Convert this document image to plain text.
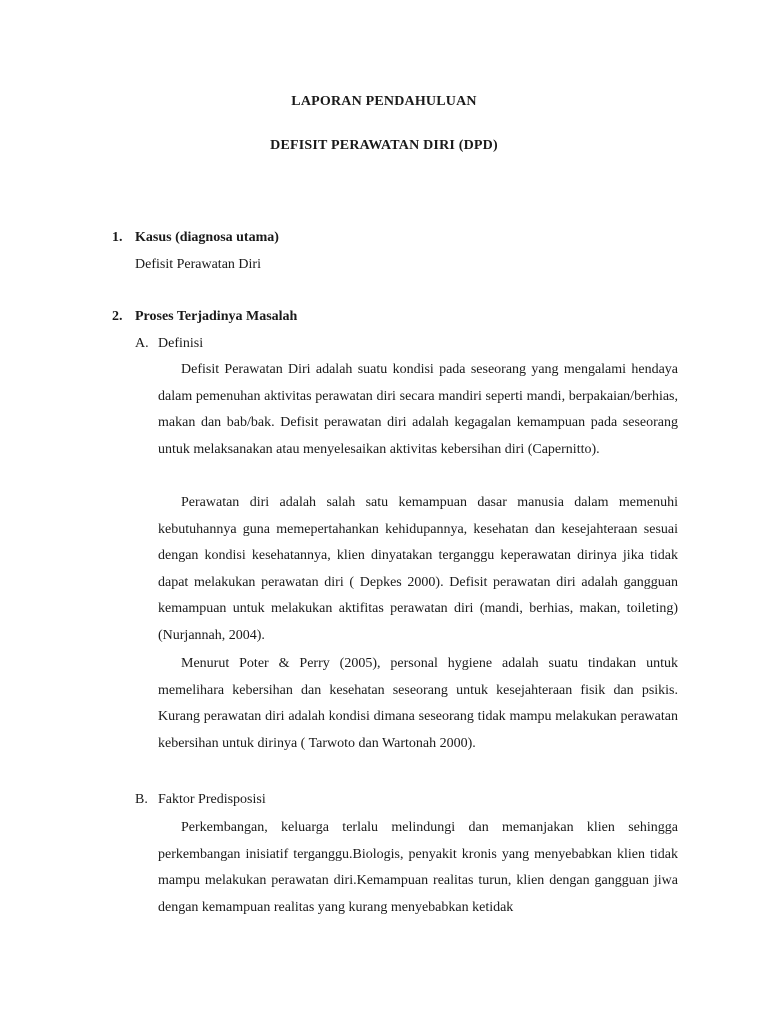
LAPORAN PENDAHULUAN
DEFISIT PERAWATAN DIRI (DPD)
1. Kasus (diagnosa utama)
Defisit Perawatan Diri
2. Proses Terjadinya Masalah
A. Definisi

Defisit Perawatan Diri adalah suatu kondisi pada seseorang yang mengalami hendaya dalam pemenuhan aktivitas perawatan diri secara mandiri seperti mandi, berpakaian/berhias, makan dan bab/bak. Defisit perawatan diri adalah kegagalan kemampuan pada seseorang untuk melaksanakan atau menyelesaikan aktivitas kebersihan diri (Capernitto).

Perawatan diri adalah salah satu kemampuan dasar manusia dalam memenuhi kebutuhannya guna memepertahankan kehidupannya, kesehatan dan kesejahteraan sesuai dengan kondisi kesehatannya, klien dinyatakan terganggu keperawatan dirinya jika tidak dapat melakukan perawatan diri ( Depkes 2000). Defisit perawatan diri adalah gangguan kemampuan untuk melakukan aktifitas perawatan diri (mandi, berhias, makan, toileting) (Nurjannah, 2004).

Menurut Poter & Perry (2005), personal hygiene adalah suatu tindakan untuk memelihara kebersihan dan kesehatan seseorang untuk kesejahteraan fisik dan psikis. Kurang perawatan diri adalah kondisi dimana seseorang tidak mampu melakukan perawatan kebersihan untuk dirinya ( Tarwoto dan Wartonah 2000).

B. Faktor Predisposisi

Perkembangan, keluarga terlalu melindungi dan memanjakan klien sehingga perkembangan inisiatif terganggu.Biologis, penyakit kronis yang menyebabkan klien tidak mampu melakukan perawatan diri.Kemampuan realitas turun, klien dengan gangguan jiwa dengan kemampuan realitas yang kurang menyebabkan ketidak
